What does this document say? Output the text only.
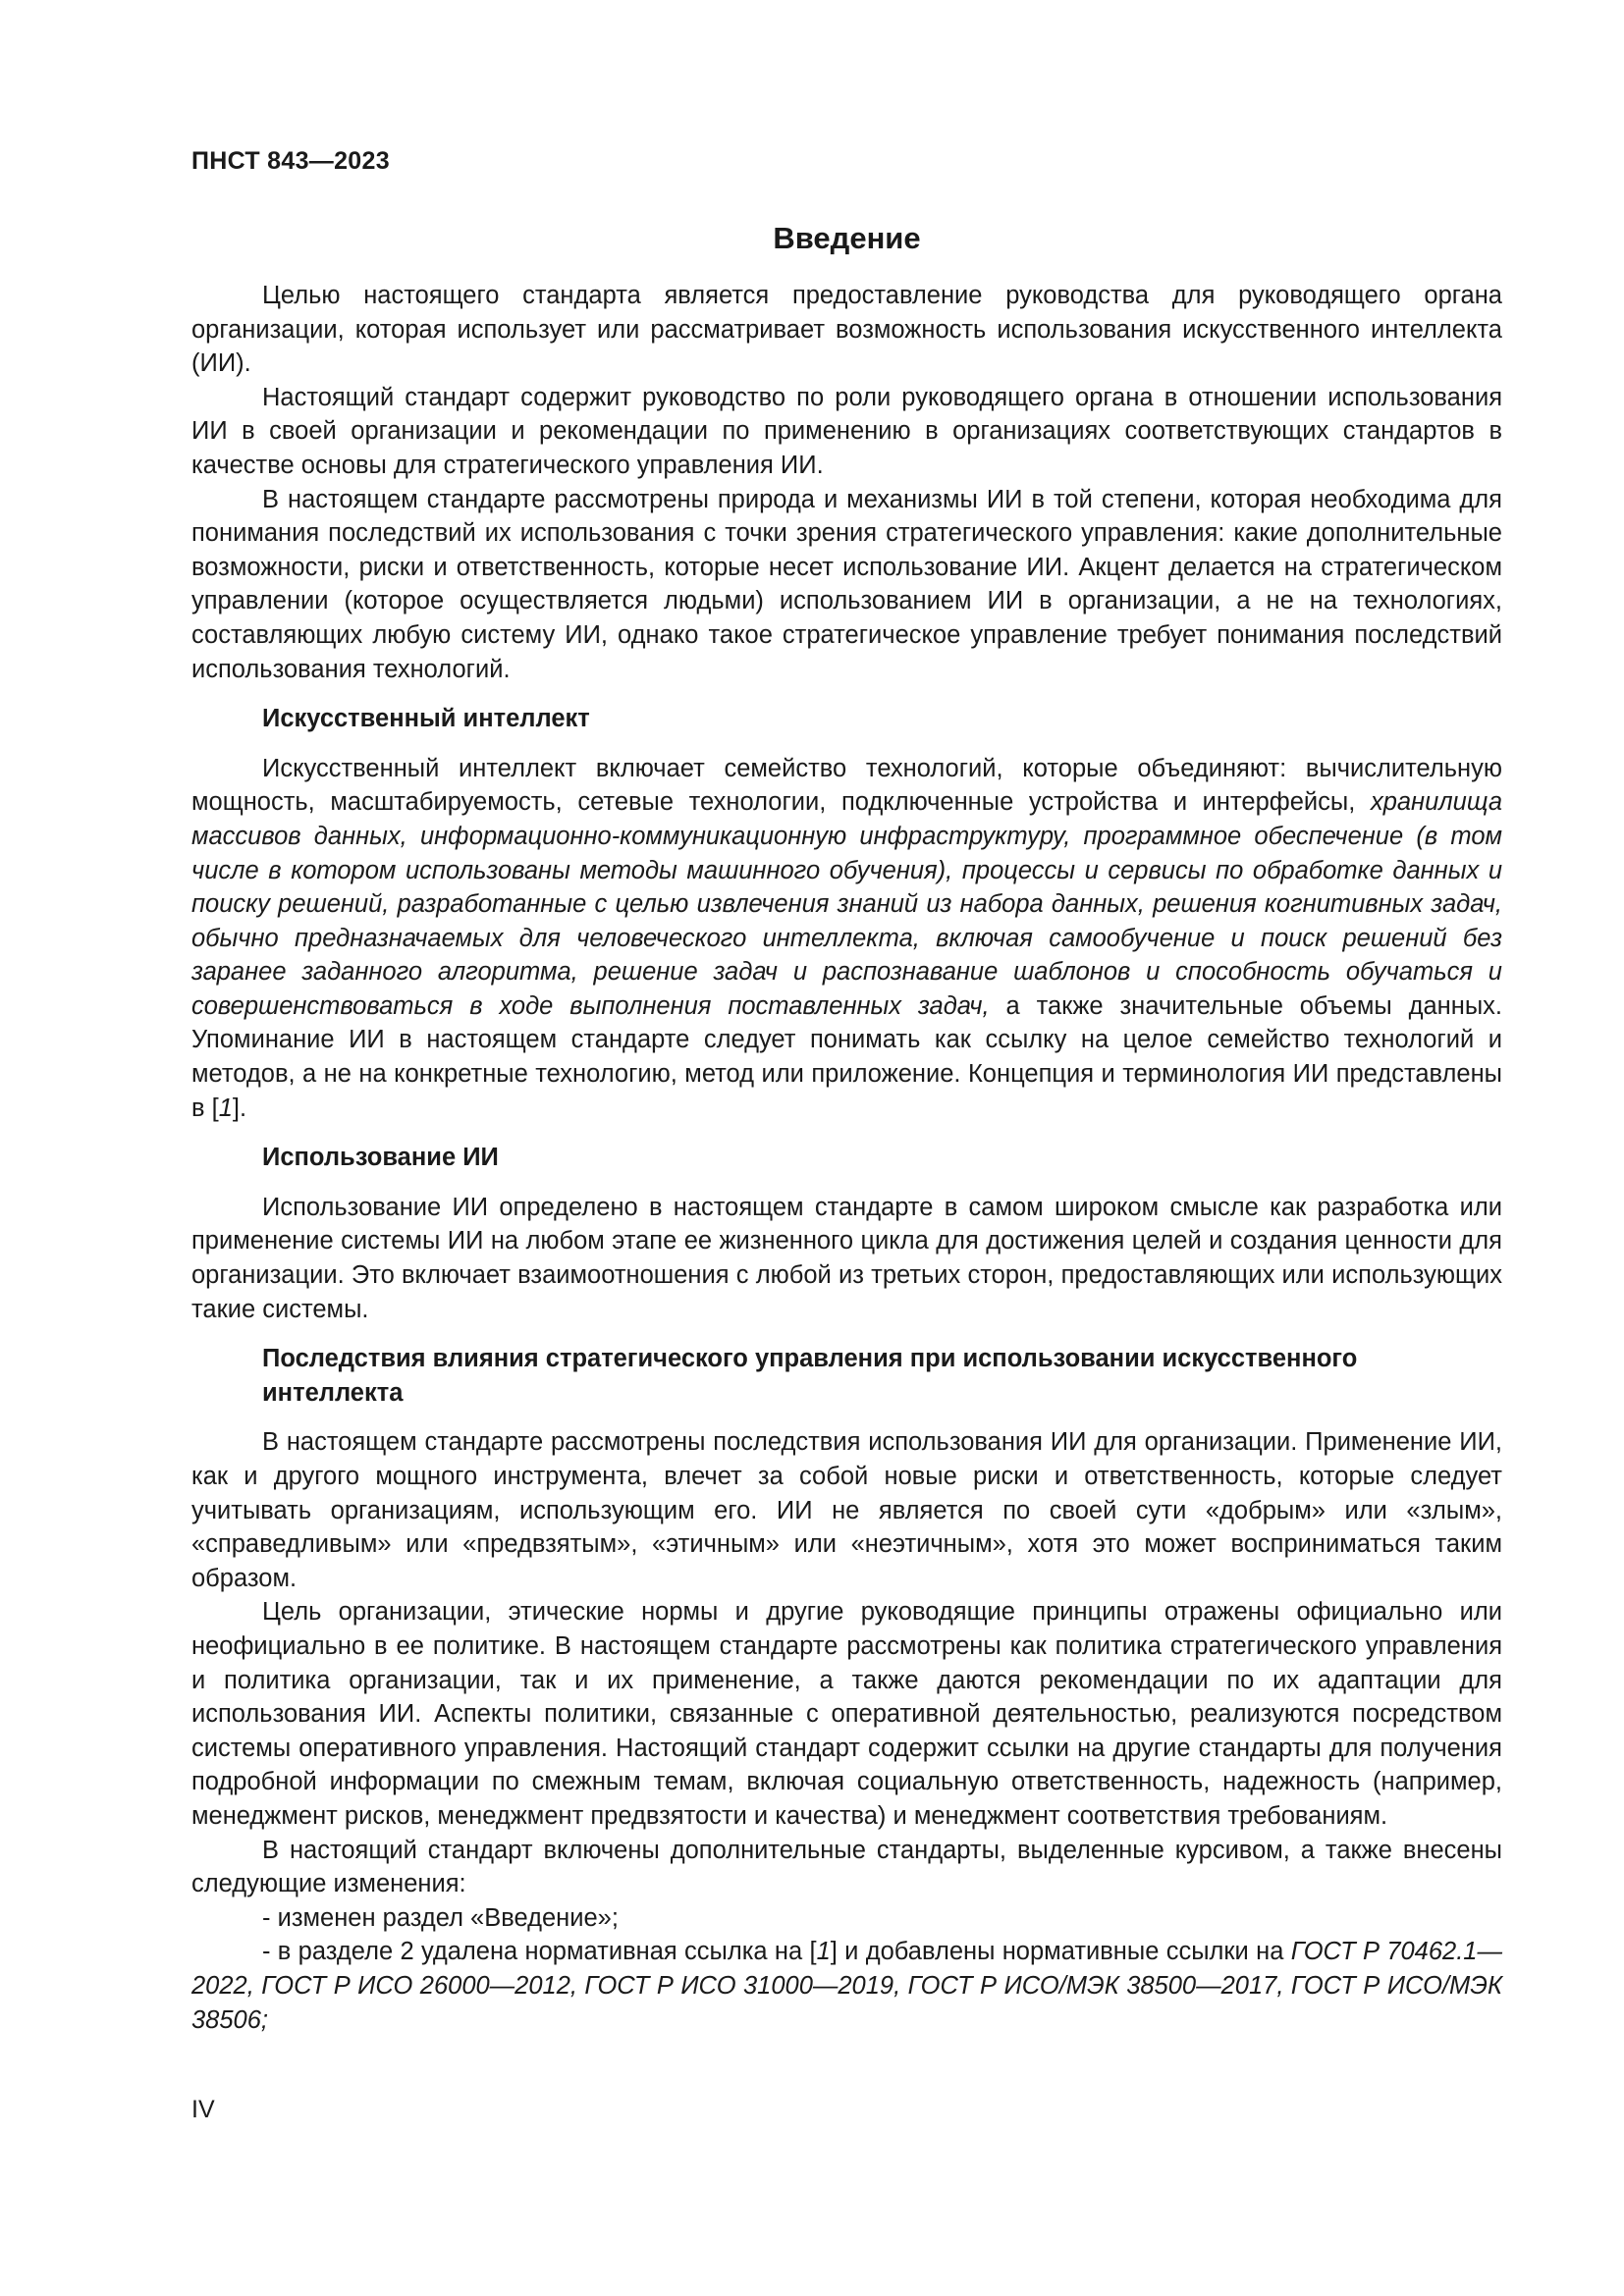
ПНСТ 843—2023
Введение

Целью настоящего стандарта является предоставление руководства для руководящего органа организации, которая использует или рассматривает возможность использования искусственного интеллекта (ИИ).

Настоящий стандарт содержит руководство по роли руководящего органа в отношении использования ИИ в своей организации и рекомендации по применению в организациях соответствующих стандартов в качестве основы для стратегического управления ИИ.

В настоящем стандарте рассмотрены природа и механизмы ИИ в той степени, которая необходима для понимания последствий их использования с точки зрения стратегического управления: какие дополнительные возможности, риски и ответственность, которые несет использование ИИ. Акцент делается на стратегическом управлении (которое осуществляется людьми) использованием ИИ в организации, а не на технологиях, составляющих любую систему ИИ, однако такое стратегическое управление требует понимания последствий использования технологий.

Искусственный интеллект

Искусственный интеллект включает семейство технологий, которые объединяют: вычислительную мощность, масштабируемость, сетевые технологии, подключенные устройства и интерфейсы, хранилища массивов данных, информационно-коммуникационную инфраструктуру, программное обеспечение (в том числе в котором использованы методы машинного обучения), процессы и сервисы по обработке данных и поиску решений, разработанные с целью извлечения знаний из набора данных, решения когнитивных задач, обычно предназначаемых для человеческого интеллекта, включая самообучение и поиск решений без заранее заданного алгоритма, решение задач и распознавание шаблонов и способность обучаться и совершенствоваться в ходе выполнения поставленных задач, а также значительные объемы данных. Упоминание ИИ в настоящем стандарте следует понимать как ссылку на целое семейство технологий и методов, а не на конкретные технологию, метод или приложение. Концепция и терминология ИИ представлены в [1].

Использование ИИ

Использование ИИ определено в настоящем стандарте в самом широком смысле как разработка или применение системы ИИ на любом этапе ее жизненного цикла для достижения целей и создания ценности для организации. Это включает взаимоотношения с любой из третьих сторон, предоставляющих или использующих такие системы.

Последствия влияния стратегического управления при использовании искусственного интеллекта

В настоящем стандарте рассмотрены последствия использования ИИ для организации. Применение ИИ, как и другого мощного инструмента, влечет за собой новые риски и ответственность, которые следует учитывать организациям, использующим его. ИИ не является по своей сути «добрым» или «злым», «справедливым» или «предвзятым», «этичным» или «неэтичным», хотя это может восприниматься таким образом.

Цель организации, этические нормы и другие руководящие принципы отражены официально или неофициально в ее политике. В настоящем стандарте рассмотрены как политика стратегического управления и политика организации, так и их применение, а также даются рекомендации по их адаптации для использования ИИ. Аспекты политики, связанные с оперативной деятельностью, реализуются посредством системы оперативного управления. Настоящий стандарт содержит ссылки на другие стандарты для получения подробной информации по смежным темам, включая социальную ответственность, надежность (например, менеджмент рисков, менеджмент предвзятости и качества) и менеджмент соответствия требованиям.

В настоящий стандарт включены дополнительные стандарты, выделенные курсивом, а также внесены следующие изменения:

- изменен раздел «Введение»;

- в разделе 2 удалена нормативная ссылка на [1] и добавлены нормативные ссылки на ГОСТ Р 70462.1—2022, ГОСТ Р ИСО 26000—2012, ГОСТ Р ИСО 31000—2019, ГОСТ Р ИСО/МЭК 38500—2017, ГОСТ Р ИСО/МЭК 38506;

IV
